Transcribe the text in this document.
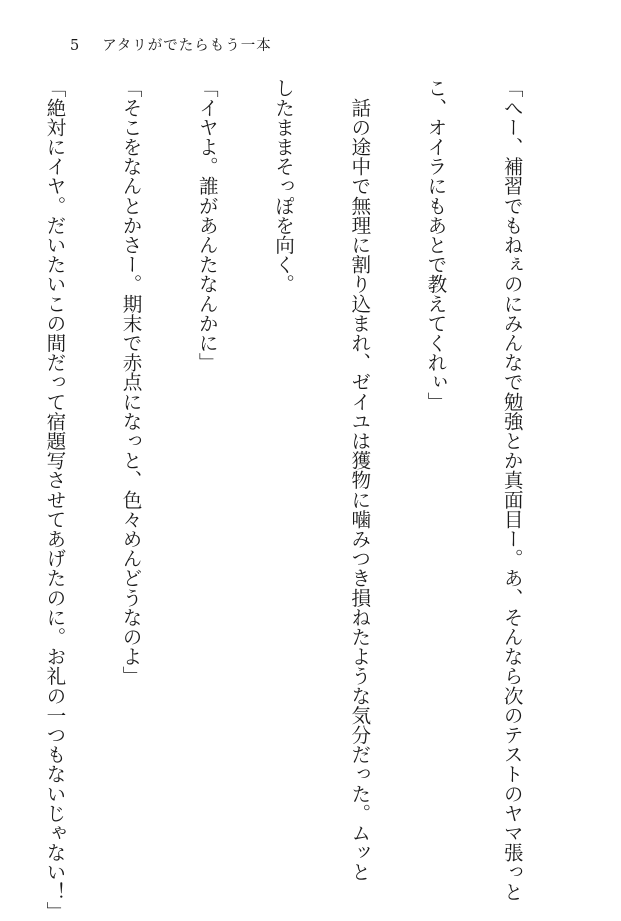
5 アタリがでたらもう一本

「へー、補習でもねぇのにみんなで勉強とか真面目ー。あ、そんなら次のテストのヤマ張っと

こ、オイラにもあとで教えてくれぃ」

　話の途中で無理に割り込まれ、ゼイユは獲物に噛みつき損ねたような気分だった。ムッと

したままそっぽを向く。

「イヤよ。誰があんたなんかに」

「そこをなんとかさー。期末で赤点になっと、色々めんどうなのよ」

「絶対にイヤ。だいたいこの間だって宿題写させてあげたのに。お礼の一つもないじゃない！」
